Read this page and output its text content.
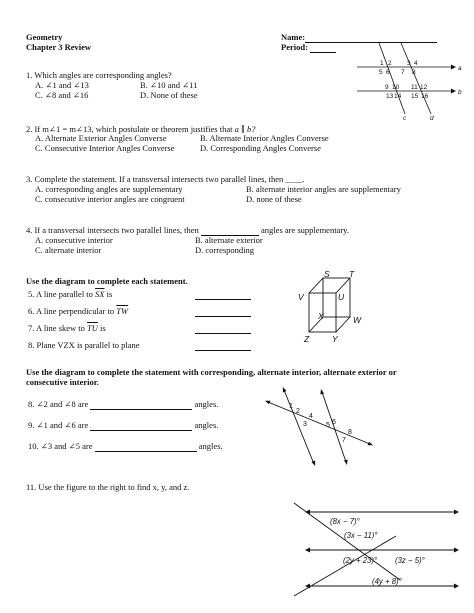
Geometry
Chapter 3 Review
Name:
Period:
1. Which angles are corresponding angles?
A. ∠1 and ∠13	B. ∠10 and ∠11
C. ∠8 and ∠16	D. None of these
1 2 3 4
5 6 7 8
9 10 11 12
13 14 15 16
a
b
c	d
2. If m∠1 = m∠13, which postulate or theorem justifies that a ∥ b?
A. Alternate Exterior Angles Converse	B. Alternate Interior Angles Converse
C. Consecutive Interior Angles Converse	D. Corresponding Angles Converse
3. Complete the statement. If a transversal intersects two parallel lines, then ____.
A. corresponding angles are supplementary	B. alternate interior angles are supplementary
C. consecutive interior angles are congruent	D. none of these
4. If a transversal intersects two parallel lines, then	angles are supplementary.
A. consecutive interior	B. alternate exterior
C. alternate interior	D. corresponding
Use the diagram to complete each statement.
5. A line parallel to $\overline{SX}$ is
6. A line perpendicular to $\overline{TW}$
7. A line skew to $\overline{TU}$ is
8. Plane VZX is parallel to plane
S T
V	U
X	W
Z	Y
Use the diagram to complete the statement with corresponding, alternate interior, alternate exterior or
consecutive interior.
8. ∠2 and ∠8 are	angles.
9. ∠1 and ∠6 are	angles.
10. ∠3 and ∠5 are	angles.
1
2
3
4
5 6
7
8
11. Use the figure to the right to find x, y, and z.
(8x − 7)°
(3x − 11)°
(2y + 23)° (3z − 5)°
(4y + 8)°
